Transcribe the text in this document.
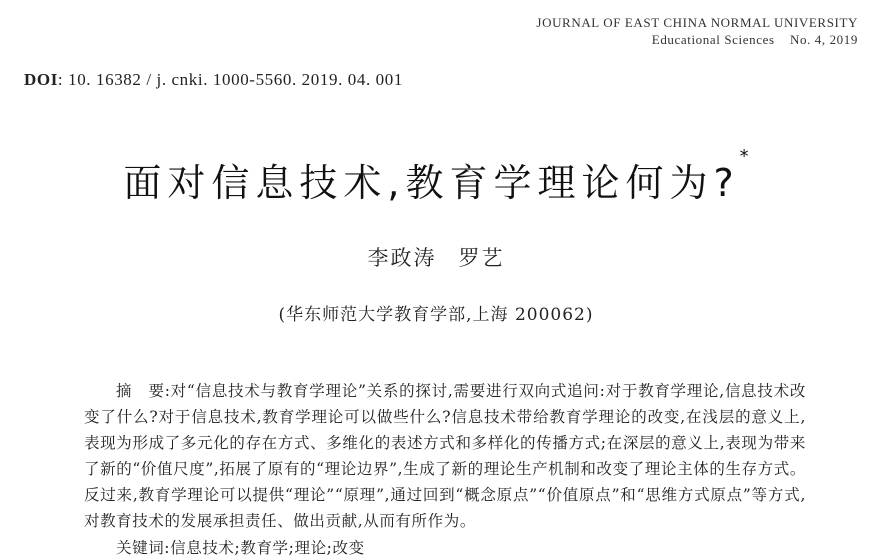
JOURNAL OF EAST CHINA NORMAL UNIVERSITY
Educational Sciences    No. 4, 2019
DOI: 10. 16382 / j. cnki. 1000-5560. 2019. 04. 001
面对信息技术,教育学理论何为?*
李政涛 罗艺
(华东师范大学教育学部,上海 200062)
摘　要:对“信息技术与教育学理论”关系的探讨,需要进行双向式追问:对于教育学理论,信息技术改变了什么?对于信息技术,教育学理论可以做些什么?信息技术带给教育学理论的改变,在浅层的意义上,表现为形成了多元化的存在方式、多维化的表述方式和多样化的传播方式;在深层的意义上,表现为带来了新的“价值尺度”,拓展了原有的“理论边界”,生成了新的理论生产机制和改变了理论主体的生存方式。反过来,教育学理论可以提供“理论”“原理”,通过回到“概念原点”“价值原点”和“思维方式原点”等方式,对教育技术的发展承担责任、做出贡献,从而有所作为。
关键词:信息技术;教育学;理论;改变
